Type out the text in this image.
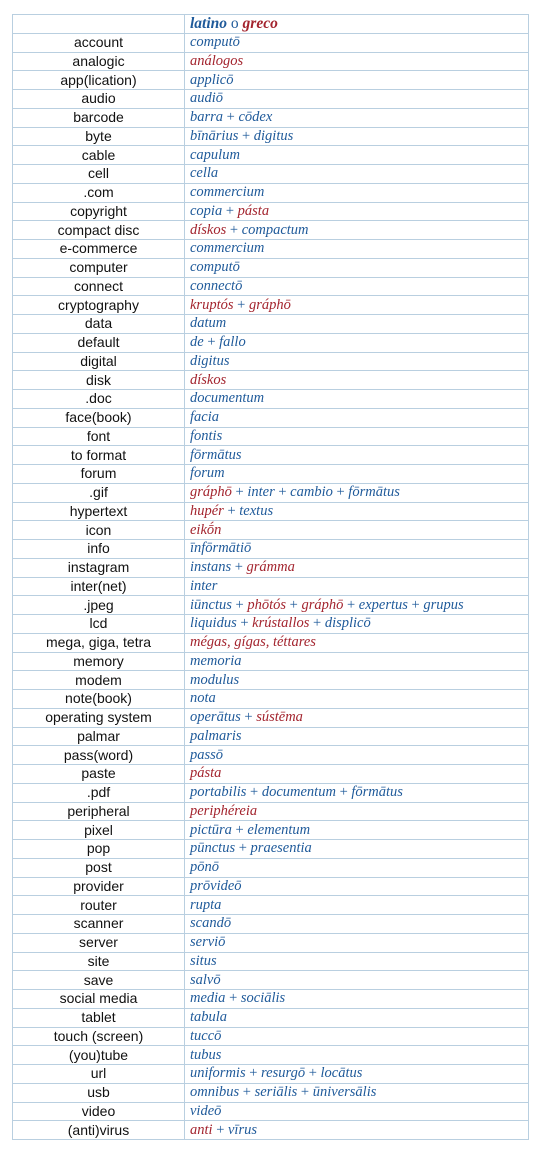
	latino o greco
account	computō
analogic	análogos
app(lication)	applicō
audio	audiō
barcode	barra + cōdex
byte	bīnārius + digitus
cable	capulum
cell	cella
.com	commercium
copyright	copia + pásta
compact disc	dískos + compactum
e-commerce	commercium
computer	computō
connect	connectō
cryptography	kruptós + gráphō
data	datum
default	de + fallo
digital	digitus
disk	dískos
.doc	documentum
face(book)	facia
font	fontis
to format	fōrmātus
forum	forum
.gif	gráphō + inter + cambio + fōrmātus
hypertext	hupér + textus
icon	eikṓn
info	īnfōrmātiō
instagram	instans + grámma
inter(net)	inter
.jpeg	iūnctus + phōtós + gráphō + expertus + grupus
lcd	liquidus + krústallos + displicō
mega, giga, tetra	mégas, gígas, téttares
memory	memoria
modem	modulus
note(book)	nota
operating system	operātus + sústēma
palmar	palmaris
pass(word)	passō
paste	pásta
.pdf	portabilis + documentum + fōrmātus
peripheral	periphéreia
pixel	pictūra + elementum
pop	pūnctus + praesentia
post	pōnō
provider	prōvideō
router	rupta
scanner	scandō
server	serviō
site	situs
save	salvō
social media	media + sociālis
tablet	tabula
touch (screen)	tuccō
(you)tube	tubus
url	uniformis + resurgō + locātus
usb	omnibus + seriālis + ūniversālis
video	videō
(anti)virus	anti + vīrus
